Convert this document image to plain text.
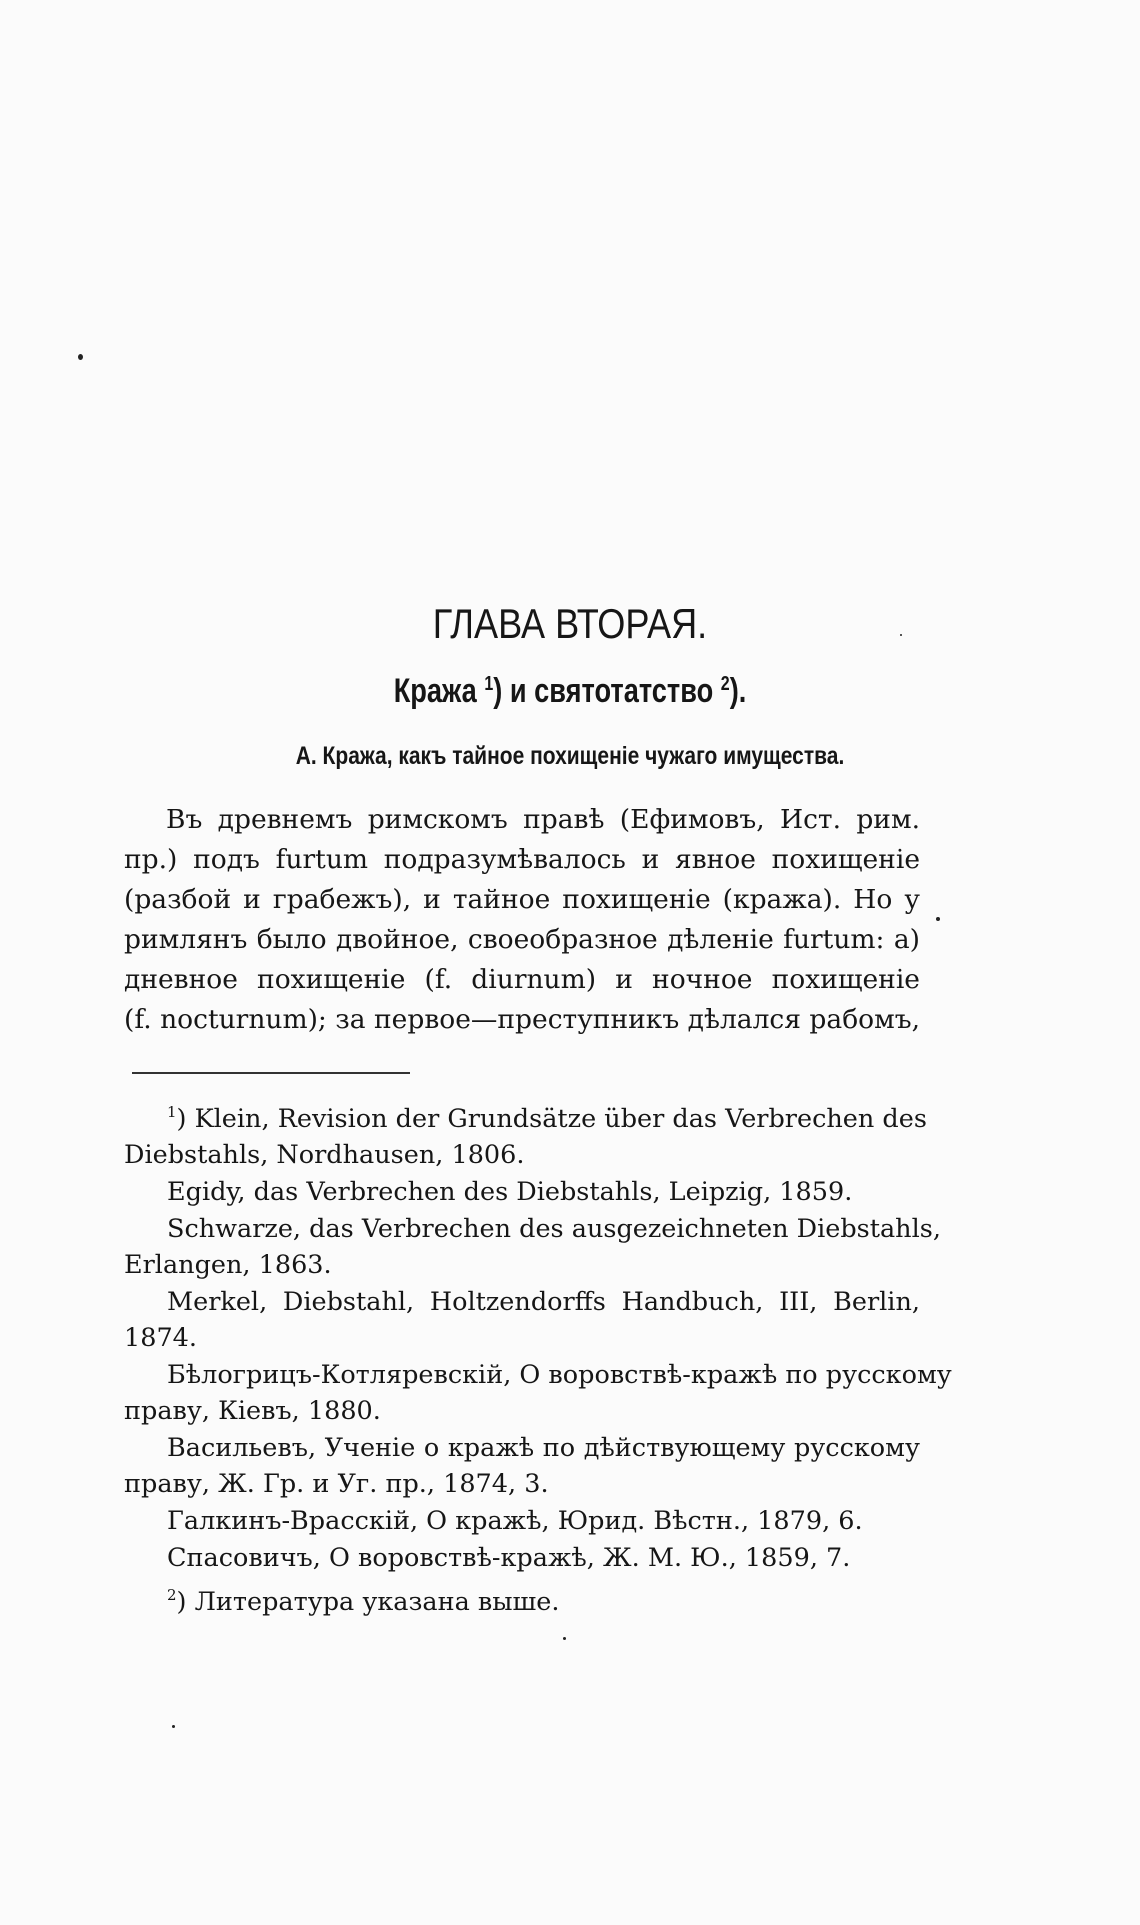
ГЛАВА ВТОРАЯ.
Кража $^1$) и святотатство $^2$).
А. Кража, какъ тайное похищеніе чужаго имущества.
Въ древнемъ римскомъ правѣ (Ефимовъ, Ист. рим.
пр.) подъ furtum подразумѣвалось и явное похищеніе
(разбой и грабежъ), и тайное похищеніе (кража). Но у
римлянъ было двойное, своеобразное дѣленіе furtum: a)
дневное похищеніе (f. diurnum) и ночное похищеніе
(f. nocturnum); за первое—преступникъ дѣлался рабомъ,
$^1$) Klein, Revision der Grundsätze über das Verbrechen des
Diebstahls, Nordhausen, 1806.
Egidy, das Verbrechen des Diebstahls, Leipzig, 1859.
Schwarze, das Verbrechen des ausgezeichneten Diebstahls,
Erlangen, 1863.
Merkel, Diebstahl, Holtzendorffs Handbuch, III, Berlin,
1874.
Бѣлогрицъ-Котляревскій, О воровствѣ-кражѣ по русскому
праву, Кіевъ, 1880.
Васильевъ, Ученіе о кражѣ по дѣйствующему русскому
праву, Ж. Гр. и Уг. пр., 1874, 3.
Галкинъ-Врасскій, О кражѣ, Юрид. Вѣстн., 1879, 6.
Спасовичъ, О воровствѣ-кражѣ, Ж. М. Ю., 1859, 7.
$^2$) Литература указана выше.
